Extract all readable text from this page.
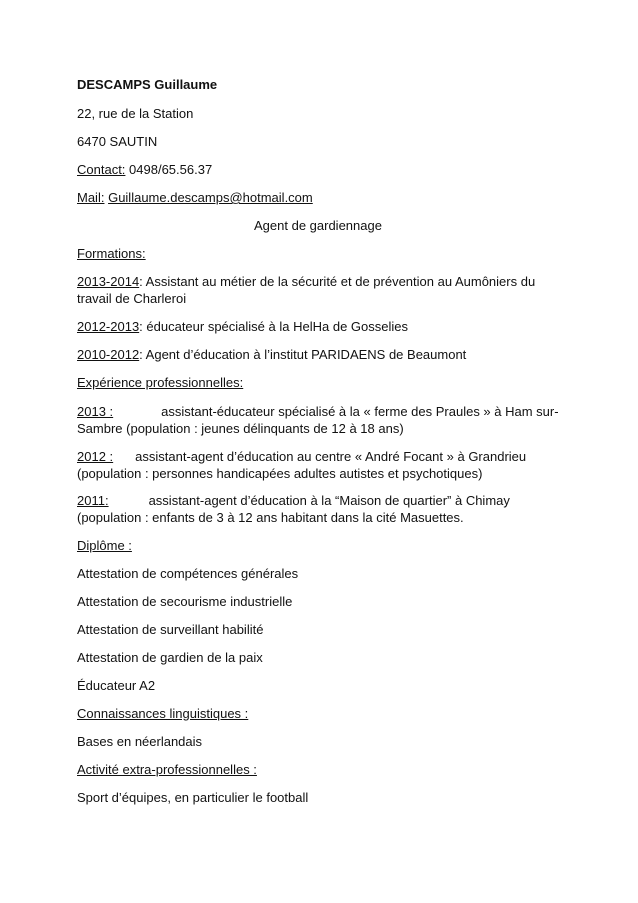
DESCAMPS Guillaume
22, rue de la Station
6470 SAUTIN
Contact: 0498/65.56.37
Mail: Guillaume.descamps@hotmail.com
Agent de gardiennage
Formations:
2013-2014: Assistant au métier de la sécurité et de prévention au Aumôniers du
travail de Charleroi
2012-2013: éducateur spécialisé à la HelHa de Gosselies
2010-2012: Agent d’éducation à l’institut PARIDAENS de Beaumont
Expérience professionnelles:
2013 :	assistant-éducateur spécialisé à la « ferme des Praules » à Ham sur-
Sambre (population : jeunes délinquants de 12 à 18 ans)
2012 : assistant-agent d’éducation au centre « André Focant » à Grandrieu
(population : personnes handicapées adultes autistes et psychotiques)
2011:	assistant-agent d’éducation à la “Maison de quartier” à Chimay
(population : enfants de 3 à 12 ans habitant dans la cité Masuettes.
Diplôme :
Attestation de compétences générales
Attestation de secourisme industrielle
Attestation de surveillant habilité
Attestation de gardien de la paix
Éducateur A2
Connaissances linguistiques :
Bases en néerlandais
Activité extra-professionnelles :
Sport d’équipes, en particulier le football
